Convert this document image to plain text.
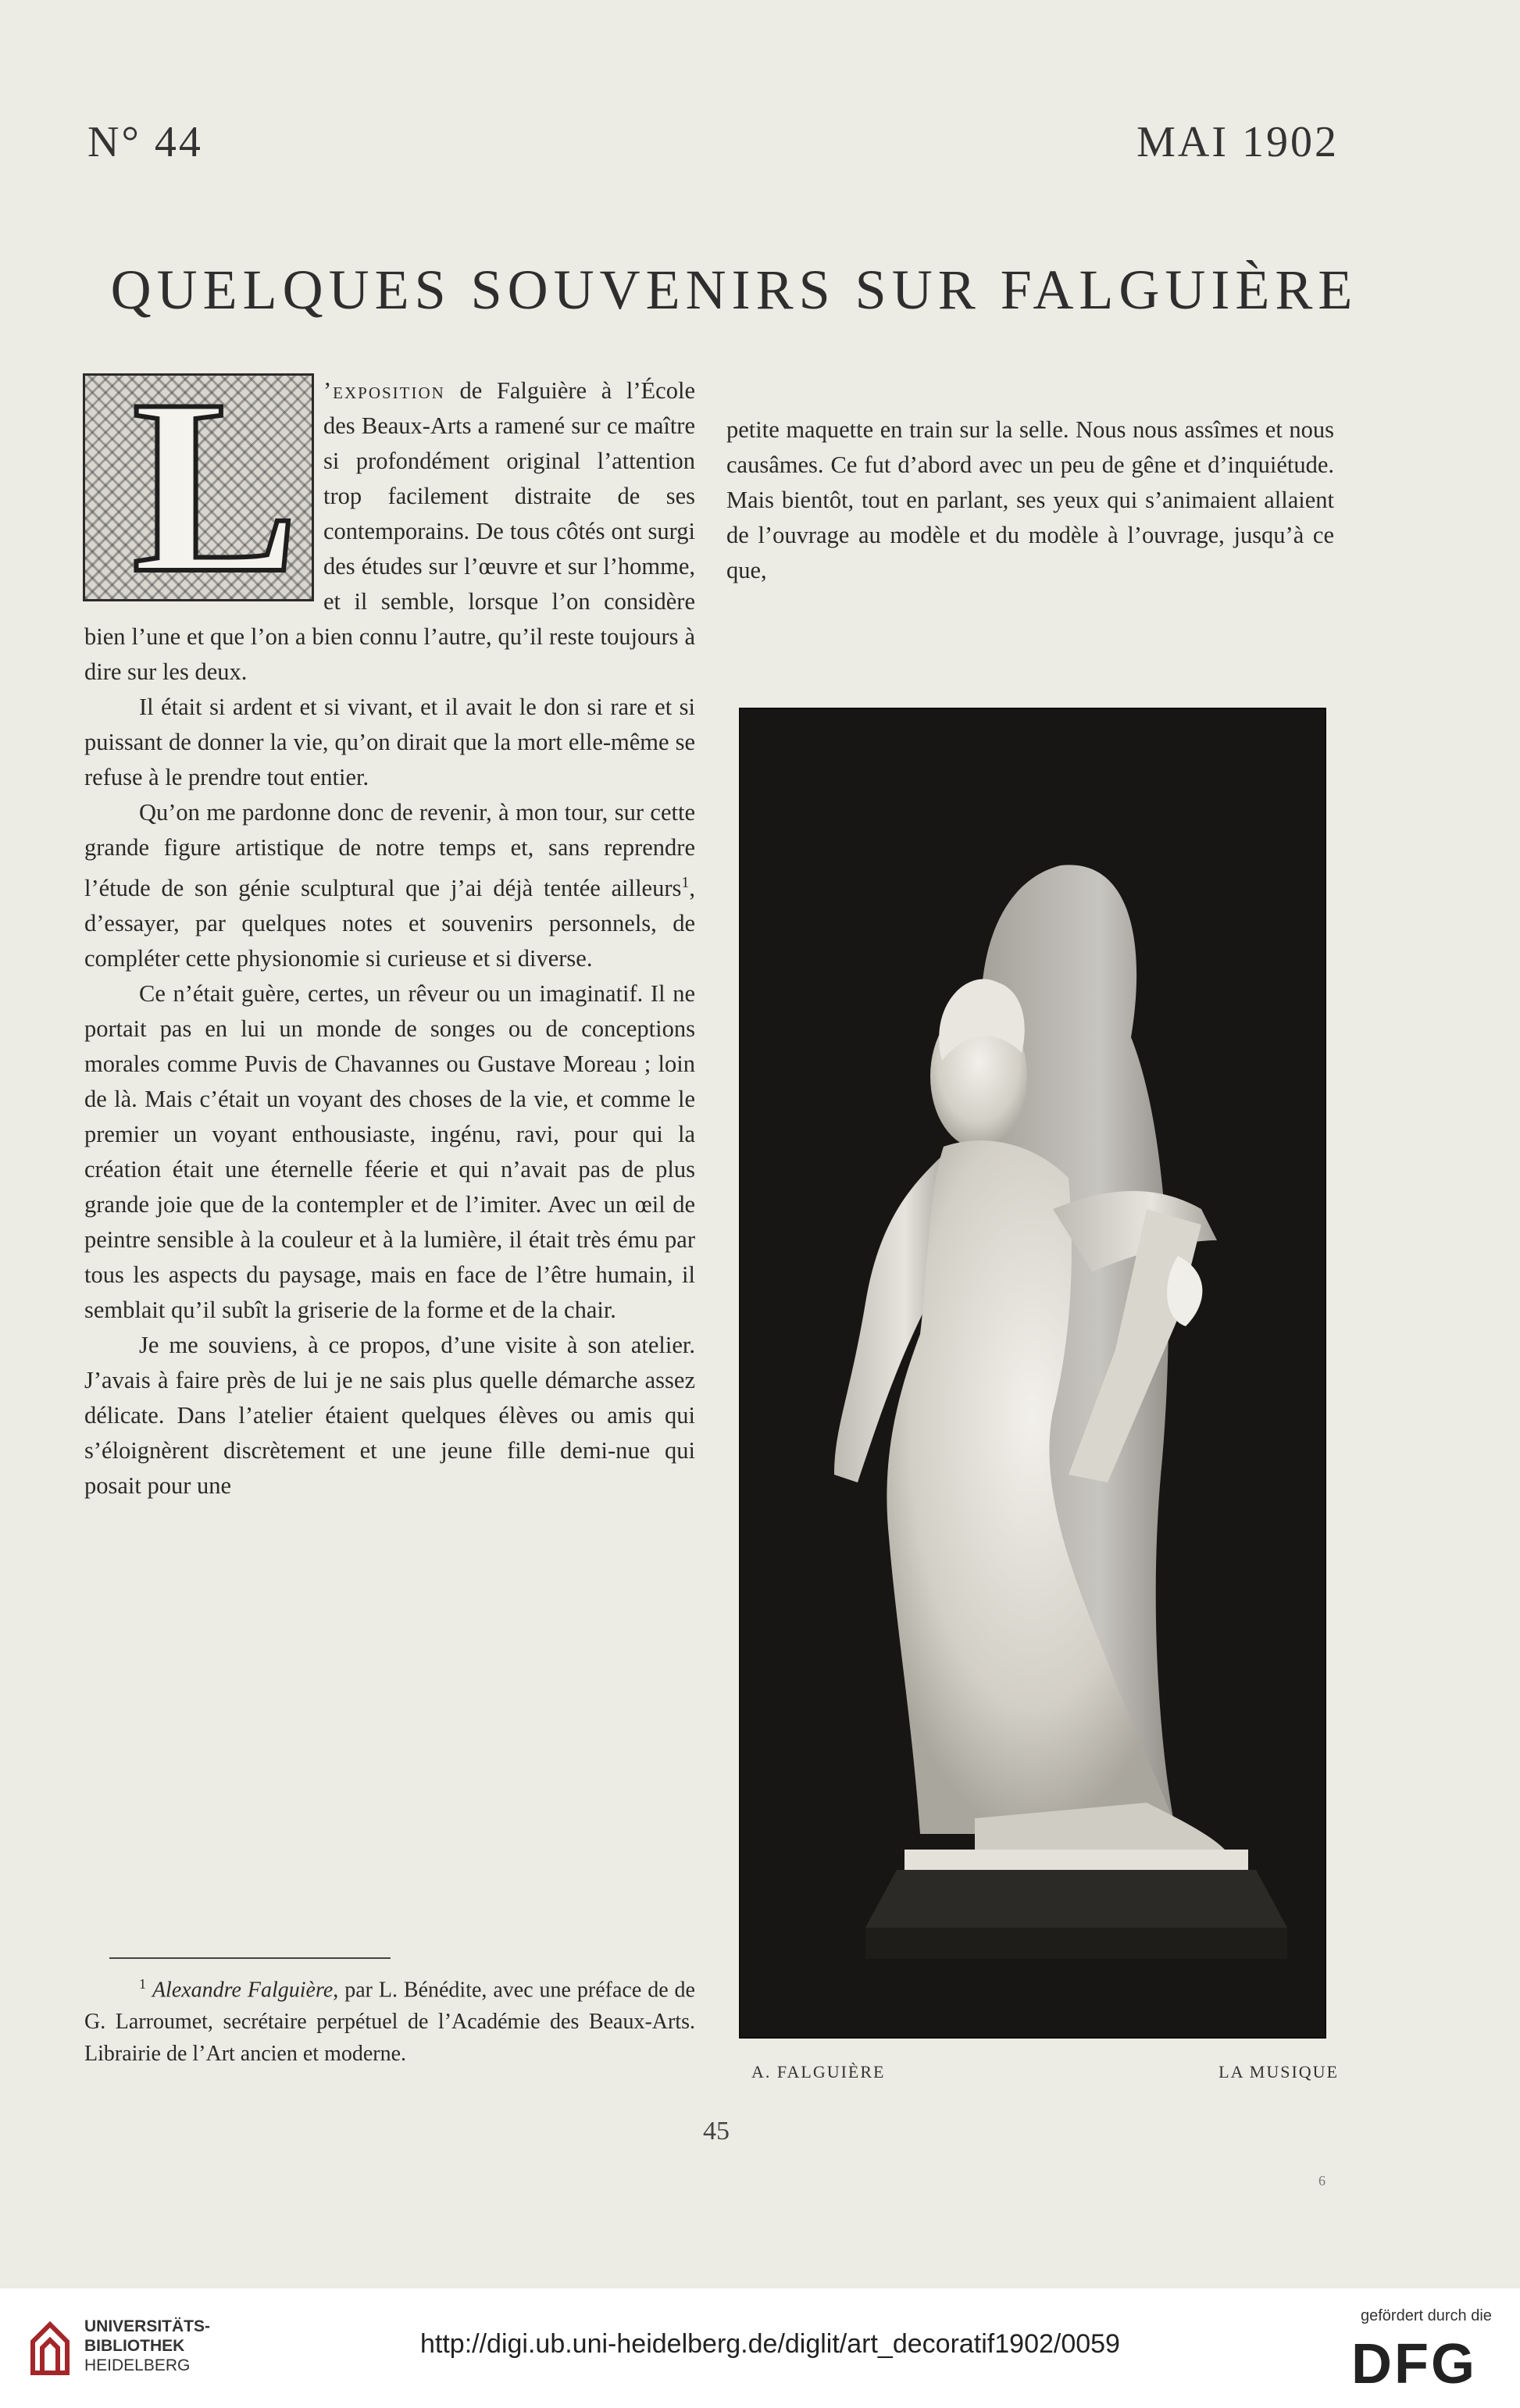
N° 44	MAI 1902
QUELQUES SOUVENIRS SUR FALGUIÈRE

L ’exposition de Falguière à l’École des Beaux-Arts a ramené sur ce maître si profondément original l’attention trop facilement distraite de ses contemporains. De tous côtés ont surgi des études sur l’œuvre et sur l’homme, et il semble, lorsque l’on considère bien l’une et que l’on a bien connu l’autre, qu’il reste toujours à dire sur les deux.

Il était si ardent et si vivant, et il avait le don si rare et si puissant de donner la vie, qu’on dirait que la mort elle-même se refuse à le prendre tout entier.

Qu’on me pardonne donc de revenir, à mon tour, sur cette grande figure artistique de notre temps et, sans reprendre l’étude de son génie sculptural que j’ai déjà tentée ailleurs$^1$, d’essayer, par quelques notes et souvenirs personnels, de compléter cette physionomie si curieuse et si diverse.

Ce n’était guère, certes, un rêveur ou un imaginatif. Il ne portait pas en lui un monde de songes ou de conceptions morales comme Puvis de Chavannes ou Gustave Moreau ; loin de là. Mais c’était un voyant des choses de la vie, et comme le premier un voyant enthousiaste, ingénu, ravi, pour qui la création était une éternelle féerie et qui n’avait pas de plus grande joie que de la contempler et de l’imiter. Avec un œil de peintre sensible à la couleur et à la lumière, il était très ému par tous les aspects du paysage, mais en face de l’être humain, il semblait qu’il subît la griserie de la forme et de la chair.

Je me souviens, à ce propos, d’une visite à son atelier. J’avais à faire près de lui je ne sais plus quelle démarche assez délicate. Dans l’atelier étaient quelques élèves ou amis qui s’éloignèrent discrètement et une jeune fille demi-nue qui posait pour une

petite maquette en train sur la selle. Nous nous assîmes et nous causâmes. Ce fut d’abord avec un peu de gêne et d’inquiétude. Mais bientôt, tout en parlant, ses yeux qui s’animaient allaient de l’ouvrage au modèle et du modèle à l’ouvrage, jusqu’à ce que,

A. FALGUIÈRE	LA MUSIQUE

$^1$ Alexandre Falguière, par L. Bénédite, avec une préface de de G. Larroumet, secrétaire perpétuel de l’Académie des Beaux-Arts. Librairie de l’Art ancien et moderne.

45
6
UNIVERSITÄTS-
BIBLIOTHEK
HEIDELBERG
http://digi.ub.uni-heidelberg.de/diglit/art_decoratif1902/0059
gefördert durch die
DFG
